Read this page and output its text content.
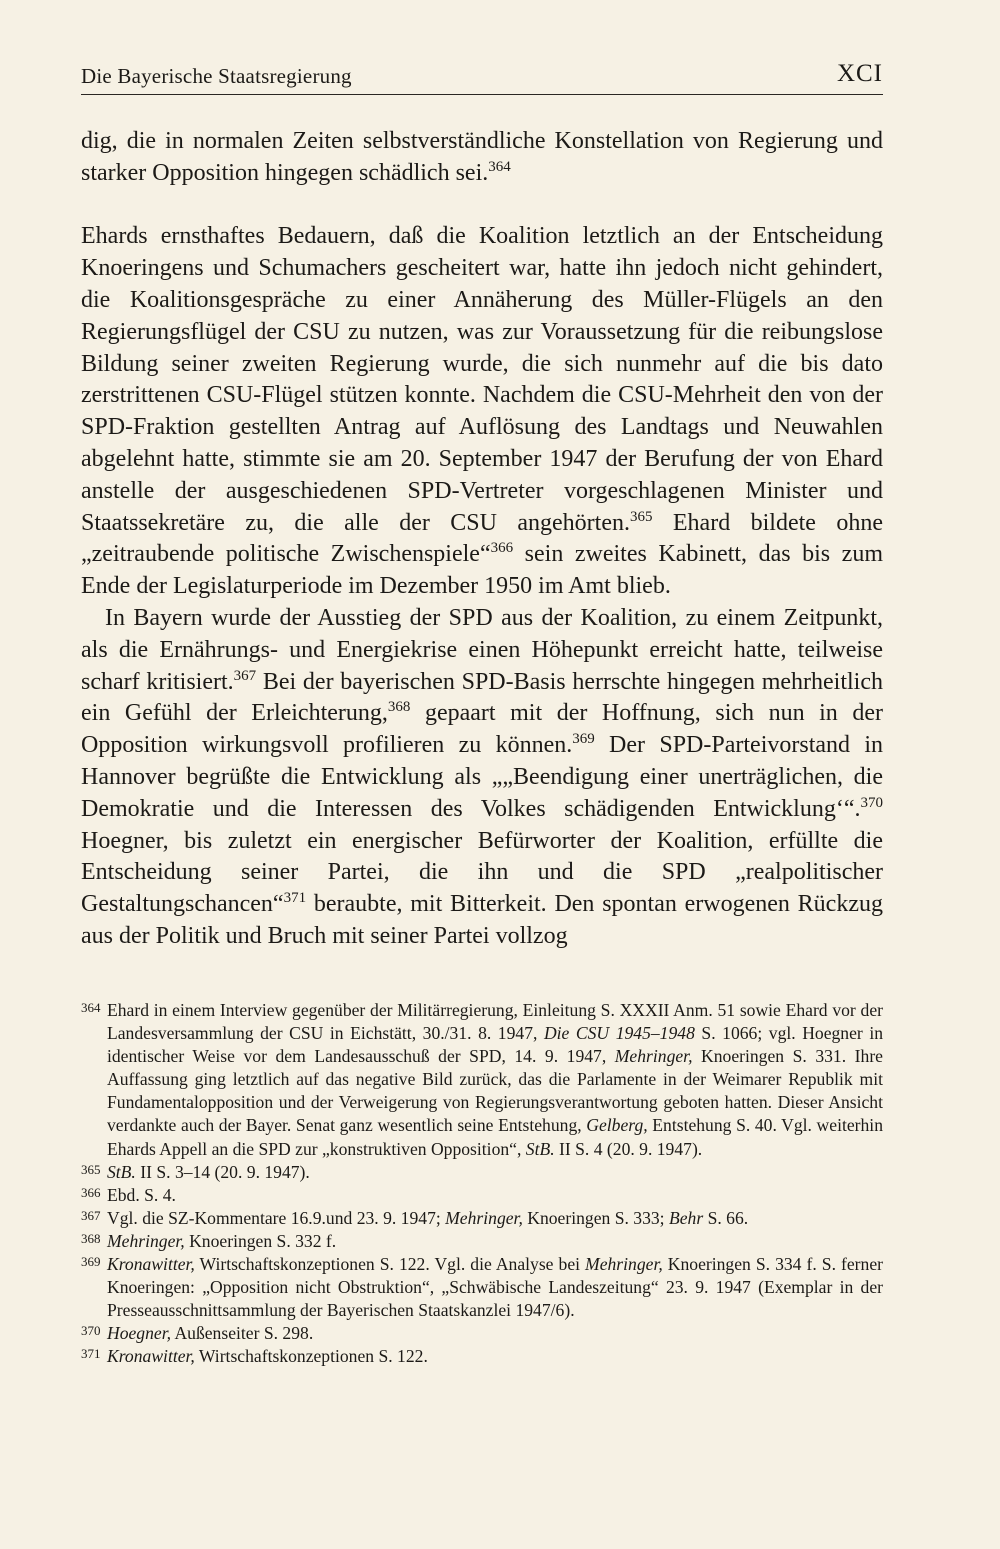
Die Bayerische Staatsregierung	XCI

dig, die in normalen Zeiten selbstverständliche Konstellation von Regierung und starker Opposition hingegen schädlich sei.$^{364}$

Ehards ernsthaftes Bedauern, daß die Koalition letztlich an der Entscheidung Knoeringens und Schumachers gescheitert war, hatte ihn jedoch nicht gehindert, die Koalitionsgespräche zu einer Annäherung des Müller-Flügels an den Regierungsflügel der CSU zu nutzen, was zur Voraussetzung für die reibungslose Bildung seiner zweiten Regierung wurde, die sich nunmehr auf die bis dato zerstrittenen CSU-Flügel stützen konnte. Nachdem die CSU-Mehrheit den von der SPD-Fraktion gestellten Antrag auf Auflösung des Landtags und Neuwahlen abgelehnt hatte, stimmte sie am 20. September 1947 der Berufung der von Ehard anstelle der ausgeschiedenen SPD-Vertreter vorgeschlagenen Minister und Staatssekretäre zu, die alle der CSU angehörten.$^{365}$ Ehard bildete ohne „zeitraubende politische Zwischenspiele“$^{366}$ sein zweites Kabinett, das bis zum Ende der Legislaturperiode im Dezember 1950 im Amt blieb.

In Bayern wurde der Ausstieg der SPD aus der Koalition, zu einem Zeitpunkt, als die Ernährungs- und Energiekrise einen Höhepunkt erreicht hatte, teilweise scharf kritisiert.$^{367}$ Bei der bayerischen SPD-Basis herrschte hingegen mehrheitlich ein Gefühl der Erleichterung,$^{368}$ gepaart mit der Hoffnung, sich nun in der Opposition wirkungsvoll profilieren zu können.$^{369}$ Der SPD-Parteivorstand in Hannover begrüßte die Entwicklung als „„Beendigung einer unerträglichen, die Demokratie und die Interessen des Volkes schädigenden Entwicklung‘“.$^{370}$ Hoegner, bis zuletzt ein energischer Befürworter der Koalition, erfüllte die Entscheidung seiner Partei, die ihn und die SPD „realpolitischer Gestaltungschancen“$^{371}$ beraubte, mit Bitterkeit. Den spontan erwogenen Rückzug aus der Politik und Bruch mit seiner Partei vollzog

364 Ehard in einem Interview gegenüber der Militärregierung, Einleitung S. XXXII Anm. 51 sowie Ehard vor der Landesversammlung der CSU in Eichstätt, 30./31. 8. 1947, Die CSU 1945–1948 S. 1066; vgl. Hoegner in identischer Weise vor dem Landesausschuß der SPD, 14. 9. 1947, Mehringer, Knoeringen S. 331. Ihre Auffassung ging letztlich auf das negative Bild zurück, das die Parlamente in der Weimarer Republik mit Fundamentalopposition und der Verweigerung von Regierungsverantwortung geboten hatten. Dieser Ansicht verdankte auch der Bayer. Senat ganz wesentlich seine Entstehung, Gelberg, Entstehung S. 40. Vgl. weiterhin Ehards Appell an die SPD zur „konstruktiven Opposition“, StB. II S. 4 (20. 9. 1947).
365 StB. II S. 3–14 (20. 9. 1947).
366 Ebd. S. 4.
367 Vgl. die SZ-Kommentare 16.9.und 23. 9. 1947; Mehringer, Knoeringen S. 333; Behr S. 66.
368 Mehringer, Knoeringen S. 332 f.
369 Kronawitter, Wirtschaftskonzeptionen S. 122. Vgl. die Analyse bei Mehringer, Knoeringen S. 334 f. S. ferner Knoeringen: „Opposition nicht Obstruktion“, „Schwäbische Landeszeitung“ 23. 9. 1947 (Exemplar in der Presseausschnittsammlung der Bayerischen Staatskanzlei 1947/6).
370 Hoegner, Außenseiter S. 298.
371 Kronawitter, Wirtschaftskonzeptionen S. 122.
